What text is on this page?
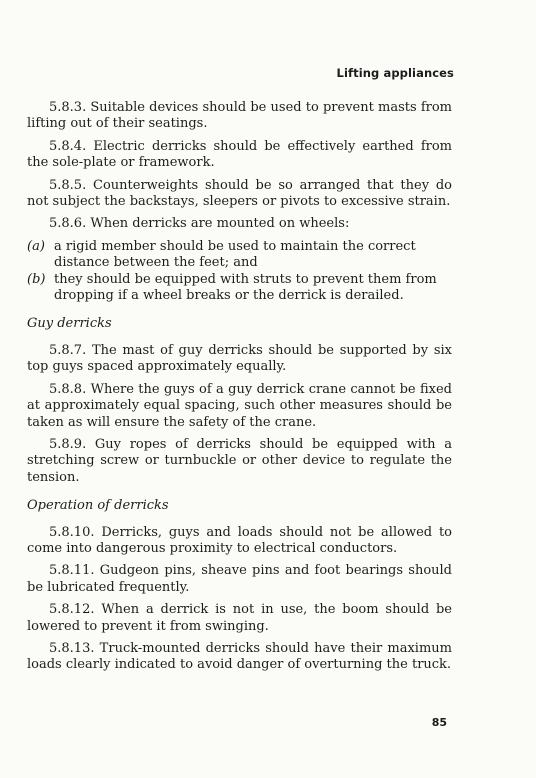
Lifting appliances

5.8.3. Suitable devices should be used to prevent masts from lifting out of their seatings.

5.8.4. Electric derricks should be effectively earthed from the sole-plate or framework.

5.8.5. Counterweights should be so arranged that they do not subject the backstays, sleepers or pivots to excessive strain.

5.8.6. When derricks are mounted on wheels:

(a) a rigid member should be used to maintain the correct distance between the feet; and

(b) they should be equipped with struts to prevent them from dropping if a wheel breaks or the derrick is derailed.

Guy derricks

5.8.7. The mast of guy derricks should be supported by six top guys spaced approximately equally.

5.8.8. Where the guys of a guy derrick crane cannot be fixed at approximately equal spacing, such other measures should be taken as will ensure the safety of the crane.

5.8.9. Guy ropes of derricks should be equipped with a stretching screw or turnbuckle or other device to regulate the tension.

Operation of derricks

5.8.10. Derricks, guys and loads should not be allowed to come into dangerous proximity to electrical conductors.

5.8.11. Gudgeon pins, sheave pins and foot bearings should be lubricated frequently.

5.8.12. When a derrick is not in use, the boom should be lowered to prevent it from swinging.

5.8.13. Truck-mounted derricks should have their maximum loads clearly indicated to avoid danger of overturning the truck.

85
